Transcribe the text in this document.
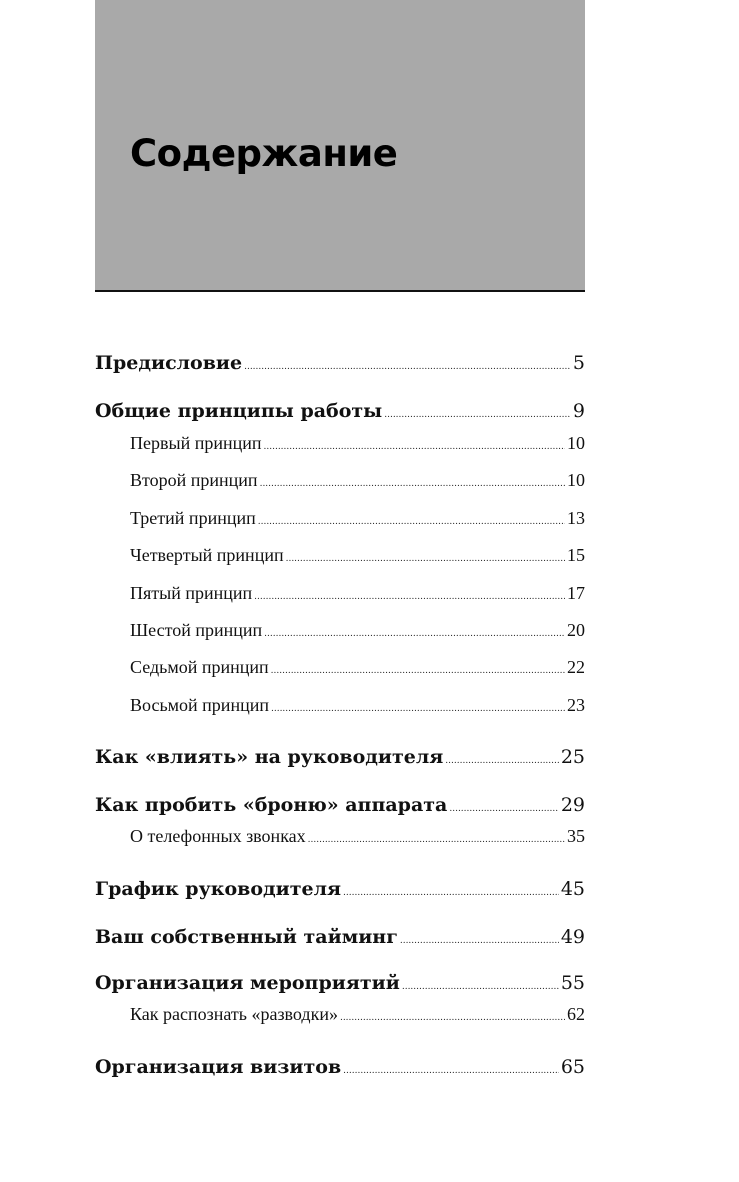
Содержание
Предисловие .....	5
Общие принципы работы .....	9
Первый принцип .....	10
Второй принцип .....	10
Третий принцип .....	13
Четвертый принцип .....	15
Пятый принцип .....	17
Шестой принцип .....	20
Седьмой принцип .....	22
Восьмой принцип .....	23
Как «влиять» на руководителя .....	25
Как пробить «броню» аппарата .....	29
О телефонных звонках .....	35
График руководителя .....	45
Ваш собственный тайминг .....	49
Организация мероприятий .....	55
Как распознать «разводки» .....	62
Организация визитов .....	65
